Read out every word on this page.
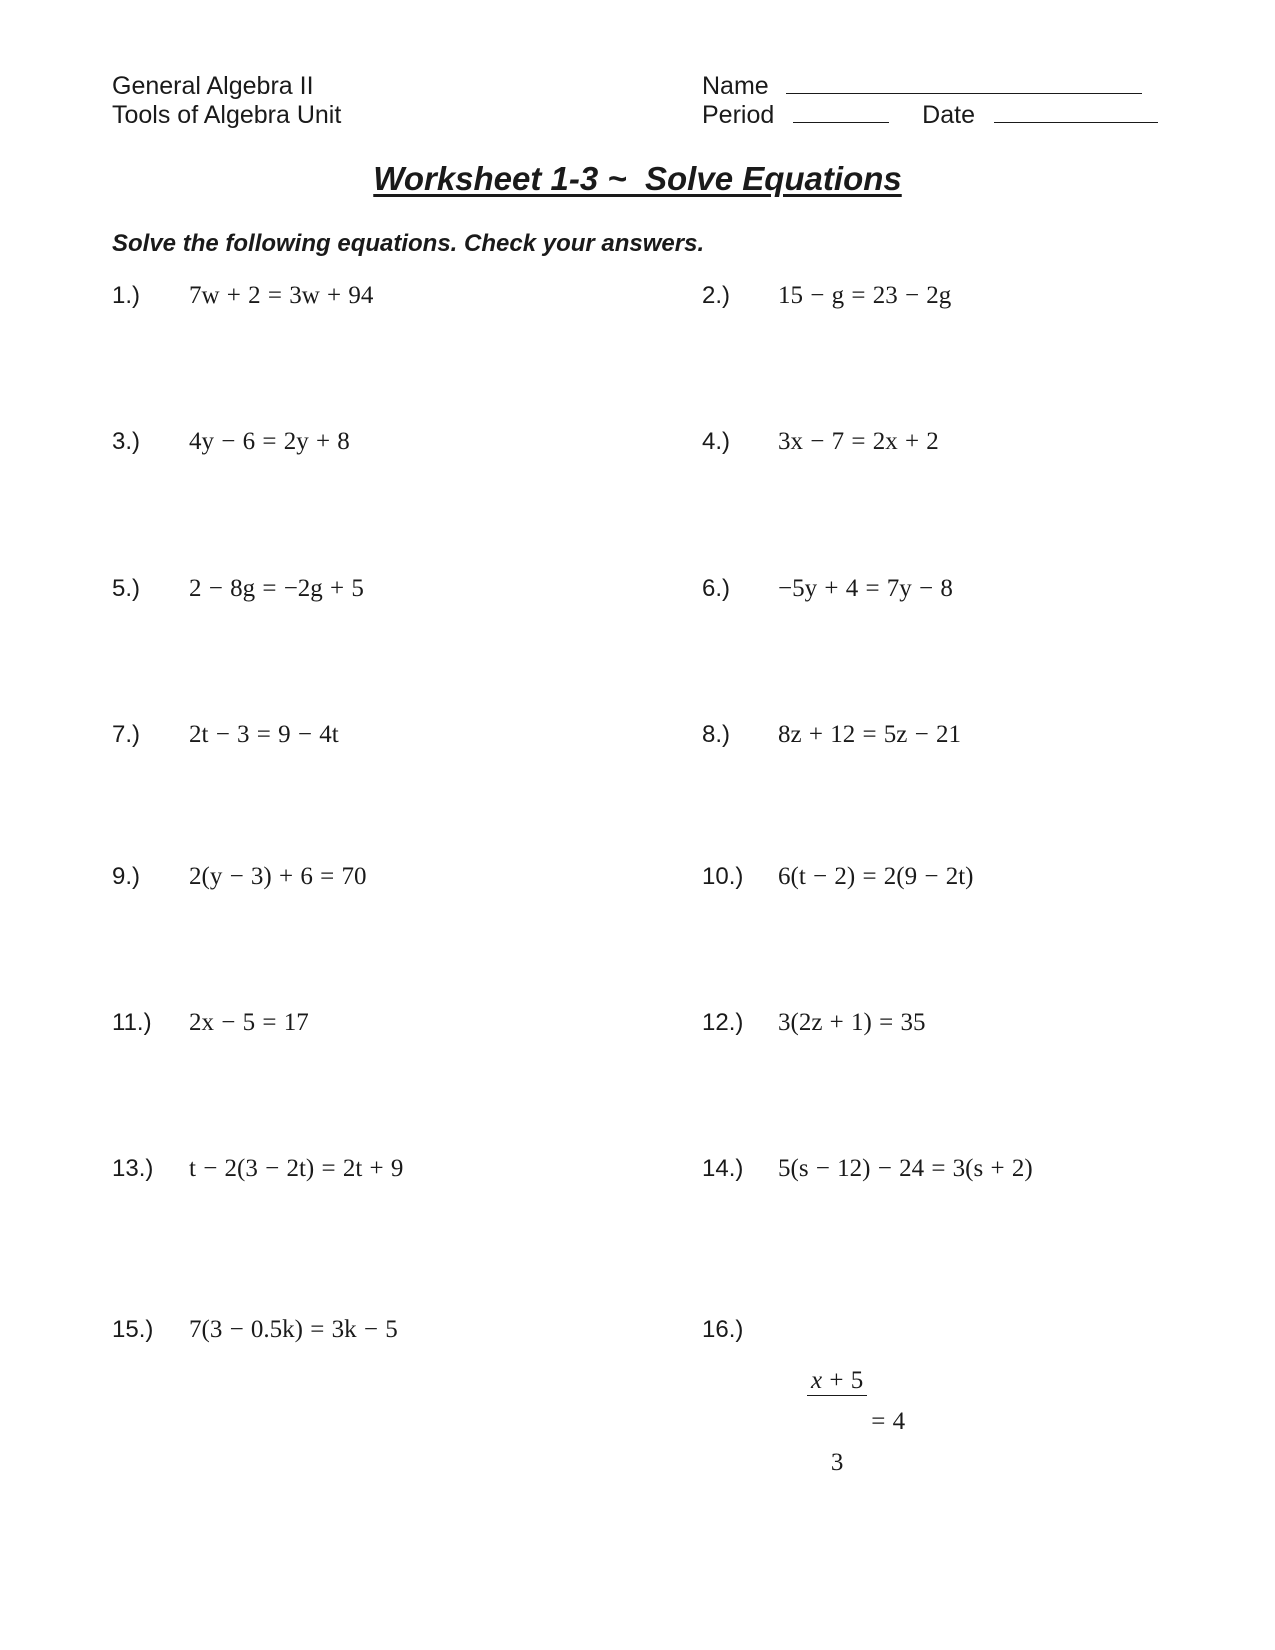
General Algebra II
Tools of Algebra Unit
Name
Period	Date
Worksheet 1-3 ~  Solve Equations
Solve the following equations. Check your answers.
1.) 7w + 2 = 3w + 94
3.) 4y − 6 = 2y + 8
5.) 2 − 8g = −2g + 5
7.) 2t − 3 = 9 − 4t
9.) 2(y − 3) + 6 = 70
11.) 2x − 5 = 17
13.) t − 2(3 − 2t) = 2t + 9
15.) 7(3 − 0.5k) = 3k − 5
2.) 15 − g = 23 − 2g
4.) 3x − 7 = 2x + 2
6.) −5y + 4 = 7y − 8
8.) 8z + 12 = 5z − 21
10.) 6(t − 2) = 2(9 − 2t)
12.) 3(2z + 1) = 35
14.) 5(s − 12) − 24 = 3(s + 2)
16.)

	$\frac{x + 5}{3} = 4$
